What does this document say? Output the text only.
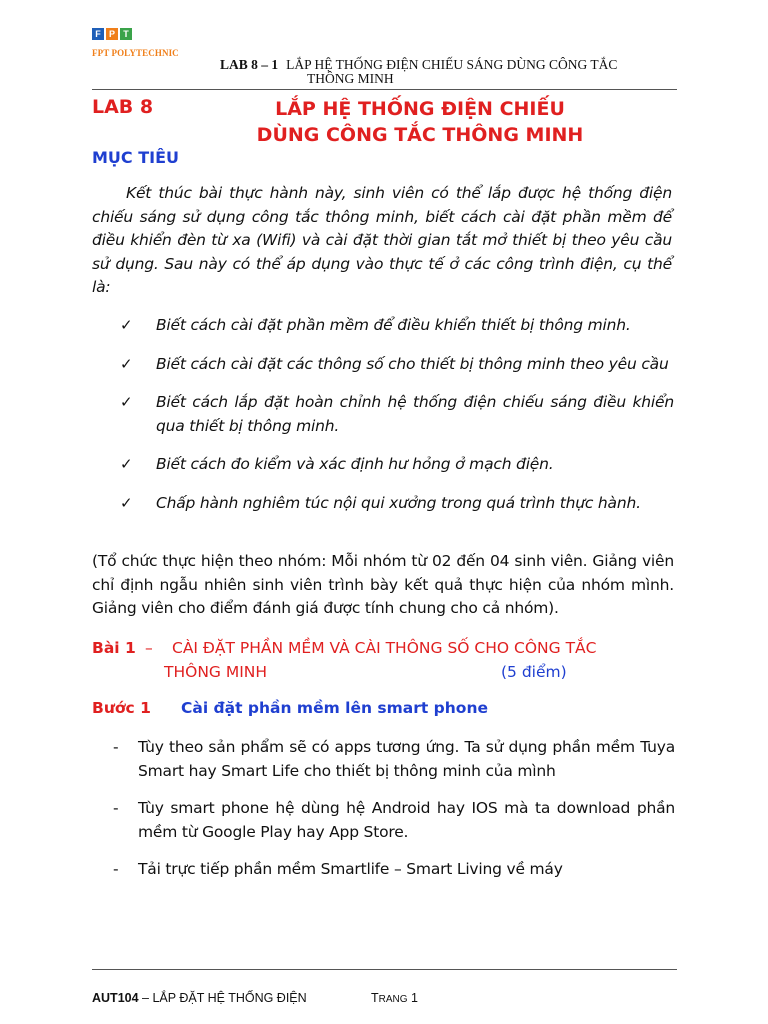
F P T Education
FPT POLYTECHNIC
LAB 8 – 1 LẮP HỆ THỐNG ĐIỆN CHIẾU SÁNG DÙNG CÔNG TẮC
THÔNG MINH
LAB 8	LẮP HỆ THỐNG ĐIỆN CHIẾU
DÙNG CÔNG TẮC THÔNG MINH
MỤC TIÊU
Kết thúc bài thực hành này, sinh viên có thể lắp được hệ thống điện chiếu sáng sử dụng công tắc thông minh, biết cách cài đặt phần mềm để điều khiển đèn từ xa (Wifi) và cài đặt thời gian tắt mở thiết bị theo yêu cầu sử dụng. Sau này có thể áp dụng vào thực tế ở các công trình điện, cụ thể là:
✓ Biết cách cài đặt phần mềm để điều khiển thiết bị thông minh.
✓ Biết cách cài đặt các thông số cho thiết bị thông minh theo yêu cầu
✓ Biết cách lắp đặt hoàn chỉnh hệ thống điện chiếu sáng điều khiển qua thiết bị thông minh.
✓ Biết cách đo kiểm và xác định hư hỏng ở mạch điện.
✓ Chấp hành nghiêm túc nội qui xưởng trong quá trình thực hành.
(Tổ chức thực hiện theo nhóm: Mỗi nhóm từ 02 đến 04 sinh viên. Giảng viên chỉ định ngẫu nhiên sinh viên trình bày kết quả thực hiện của nhóm mình. Giảng viên cho điểm đánh giá được tính chung cho cả nhóm).
Bài 1 – CÀI ĐẶT PHẦN MỀM VÀ CÀI THÔNG SỐ CHO CÔNG TẮC
THÔNG MINH	(5 điểm)
Bước 1 Cài đặt phần mềm lên smart phone
- Tùy theo sản phẩm sẽ có apps tương ứng. Ta sử dụng phần mềm Tuya Smart hay Smart Life cho thiết bị thông minh của mình
- Tùy smart phone hệ dùng hệ Android hay IOS mà ta download phần mềm từ Google Play hay App Store.
- Tải trực tiếp phần mềm Smartlife – Smart Living về máy
AUT104 – LẮP ĐẶT HỆ THỐNG ĐIỆN	TRANG 1
